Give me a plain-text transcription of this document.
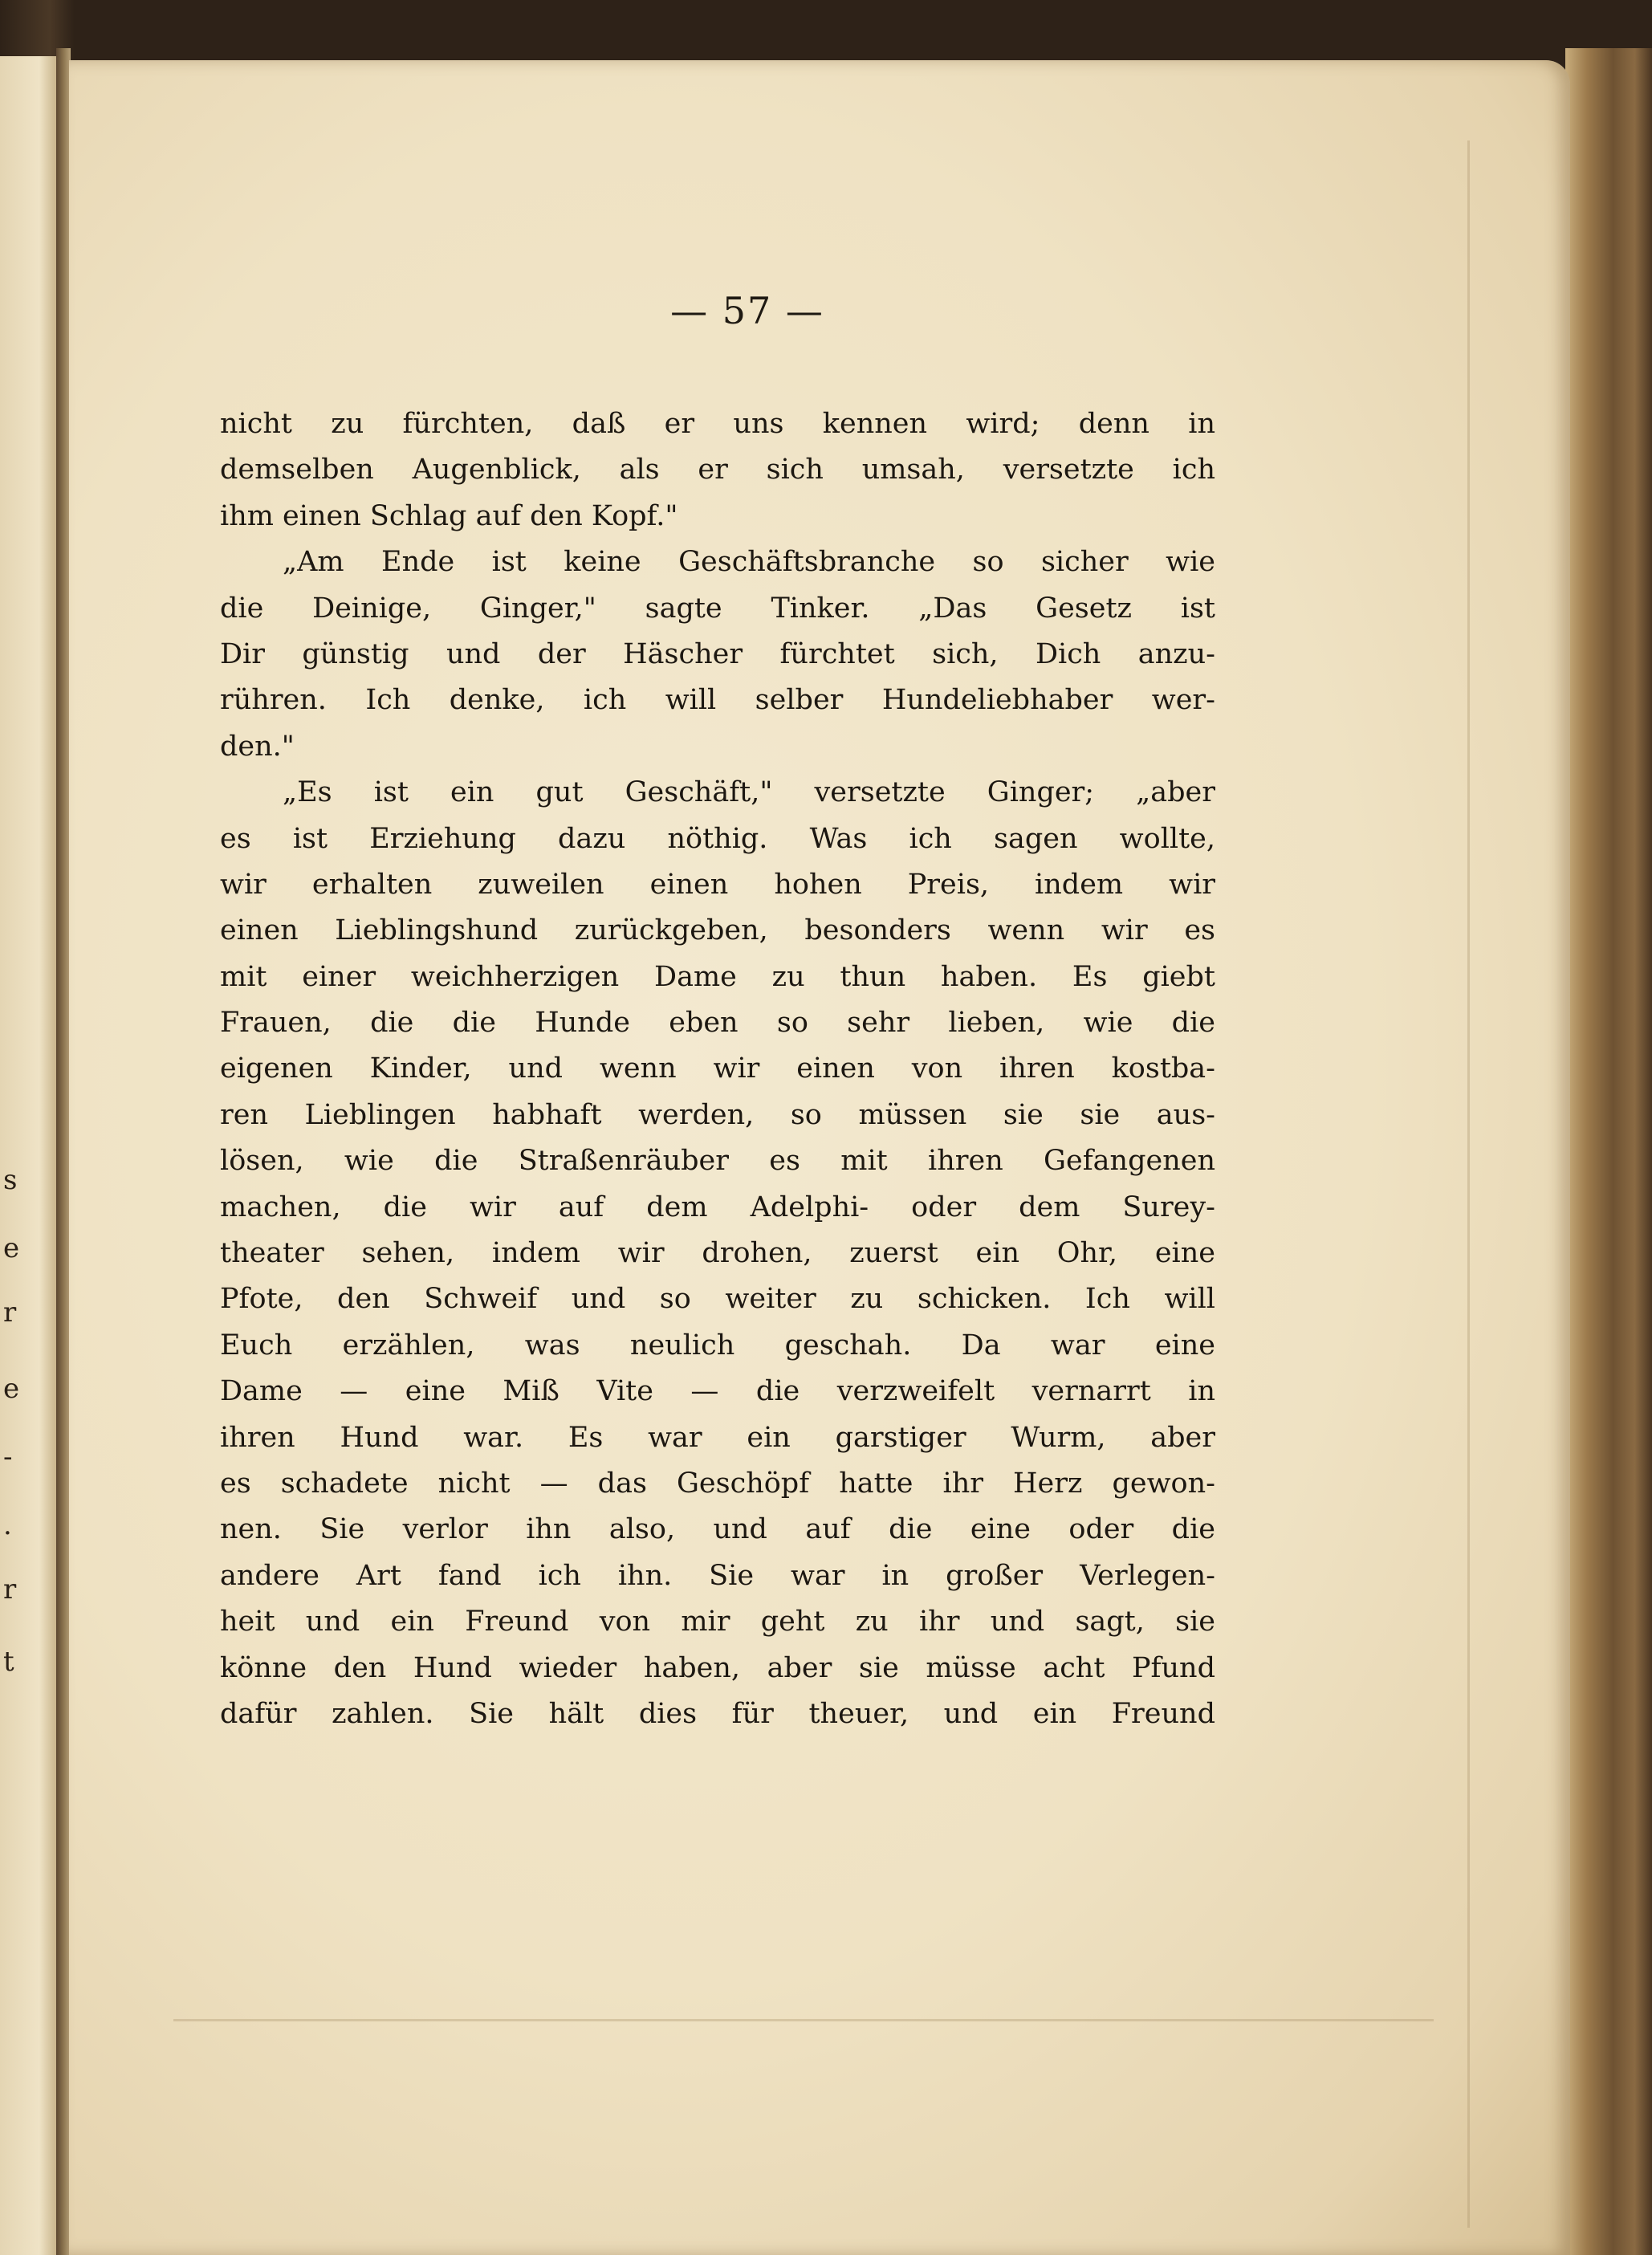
s
e
r
e
-
.
r
t
— 57 —
nicht zu fürchten, daß er uns kennen wird; denn in
demselben Augenblick, als er sich umsah, versetzte ich
ihm einen Schlag auf den Kopf."
„Am Ende ist keine Geschäftsbranche so sicher wie
die Deinige, Ginger," sagte Tinker. „Das Gesetz ist
Dir günstig und der Häscher fürchtet sich, Dich anzu-
rühren. Ich denke, ich will selber Hundeliebhaber wer-
den."
„Es ist ein gut Geschäft," versetzte Ginger; „aber
es ist Erziehung dazu nöthig. Was ich sagen wollte,
wir erhalten zuweilen einen hohen Preis, indem wir
einen Lieblingshund zurückgeben, besonders wenn wir es
mit einer weichherzigen Dame zu thun haben. Es giebt
Frauen, die die Hunde eben so sehr lieben, wie die
eigenen Kinder, und wenn wir einen von ihren kostba-
ren Lieblingen habhaft werden, so müssen sie sie aus-
lösen, wie die Straßenräuber es mit ihren Gefangenen
machen, die wir auf dem Adelphi- oder dem Surey-
theater sehen, indem wir drohen, zuerst ein Ohr, eine
Pfote, den Schweif und so weiter zu schicken. Ich will
Euch erzählen, was neulich geschah. Da war eine
Dame — eine Miß Vite — die verzweifelt vernarrt in
ihren Hund war. Es war ein garstiger Wurm, aber
es schadete nicht — das Geschöpf hatte ihr Herz gewon-
nen. Sie verlor ihn also, und auf die eine oder die
andere Art fand ich ihn. Sie war in großer Verlegen-
heit und ein Freund von mir geht zu ihr und sagt, sie
könne den Hund wieder haben, aber sie müsse acht Pfund
dafür zahlen. Sie hält dies für theuer, und ein Freund
